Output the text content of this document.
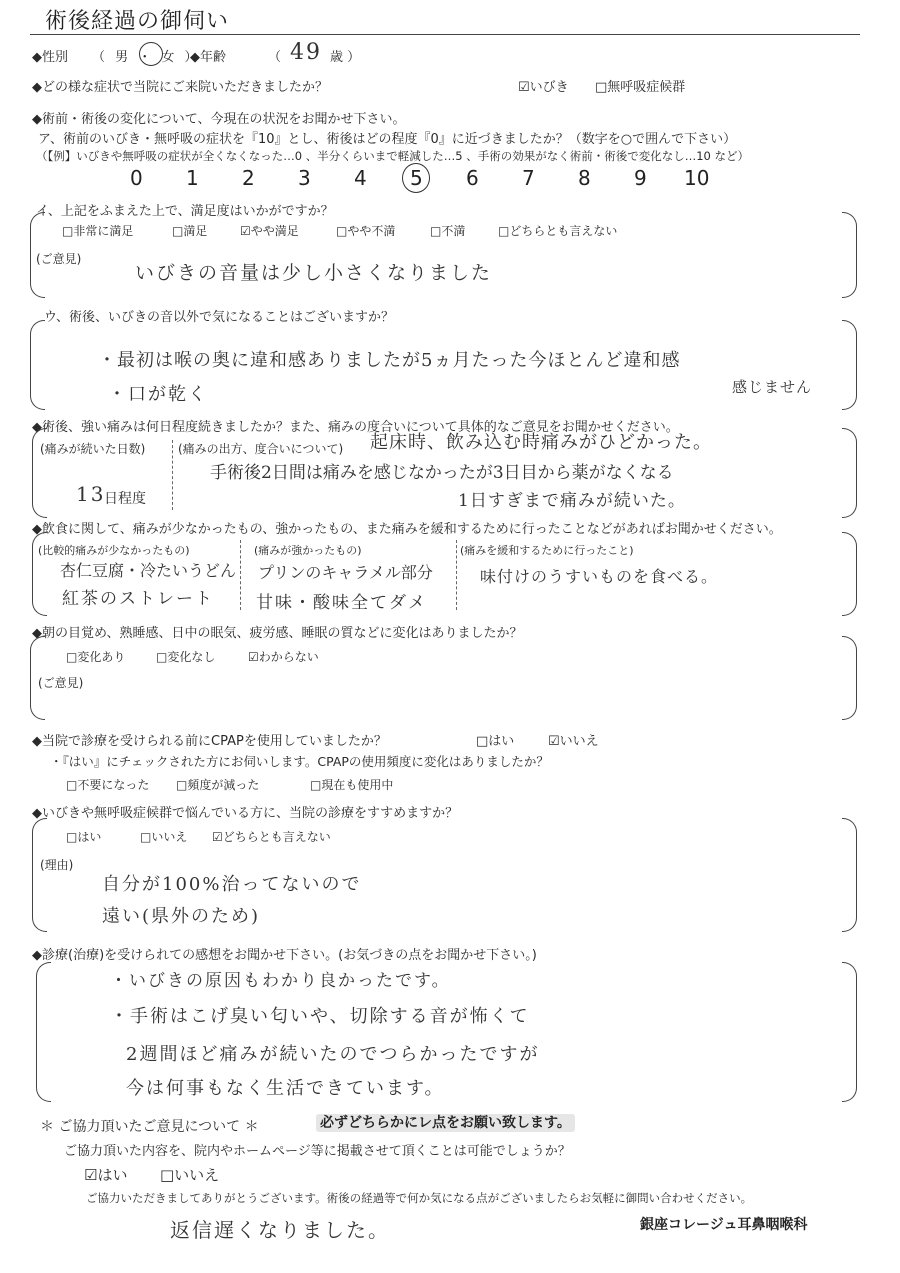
術後経過の御伺い
◆性別 （ 男 ・ 女 ）
◆年齢	（ 49 歳 ）
◆どの様な症状で当院にご来院いただきましたか？	☑いびき □無呼吸症候群
◆術前・術後の変化について、今現在の状況をお聞かせ下さい。
ア、術前のいびき・無呼吸の症状を『10』とし、術後はどの程度『0』に近づきましたか？（数字を○で囲んで下さい）
（【例】いびきや無呼吸の症状が全くなくなった…0 、半分くらいまで軽減した…5 、手術の効果がなく術前・術後で変化なし…10 など）
0 1 2 3 4 5 6 7 8 9 10
イ、上記をふまえた上で、満足度はいかがですか？
□非常に満足	□満足	☑やや満足	□やや不満	□不満	□どちらとも言えない
(ご意見)
いびきの音量は少し小さくなりました
ウ、術後、いびきの音以外で気になることはございますか？
・最初は喉の奥に違和感ありましたが5ヵ月たった今ほとんど違和感
感じません
・口が乾く
◆術後、強い痛みは何日程度続きましたか？また、痛みの度合いについて具体的なご意見をお聞かせください。
(痛みが続いた日数)
13
日程度
(痛みの出方、度合いについて) 起床時、飲み込む時痛みがひどかった。
手術後2日間は痛みを感じなかったが3日目から薬がなくなる
1日すぎまで痛みが続いた。
◆飲食に関して、痛みが少なかったもの、強かったもの、また痛みを緩和するために行ったことなどがあればお聞かせください。
(比較的痛みが少なかったもの)
杏仁豆腐・冷たいうどん
紅茶のストレート
(痛みが強かったもの)
プリンのキャラメル部分
甘味・酸味全てダメ
(痛みを緩和するために行ったこと)
味付けのうすいものを食べる。
◆朝の目覚め、熟睡感、日中の眠気、疲労感、睡眠の質などに変化はありましたか？
□変化あり	□変化なし	☑わからない
(ご意見)
◆当院で診療を受けられる前にCPAPを使用していましたか？	□はい	☑いいえ
・『はい』にチェックされた方にお伺いします。CPAPの使用頻度に変化はありましたか？
□不要になった □頻度が減った	□現在も使用中
◆いびきや無呼吸症候群で悩んでいる方に、当院の診療をすすめますか？
□はい	□いいえ ☑どちらとも言えない
(理由)
自分が100%治ってないので
遠い(県外のため)
◆診療(治療)を受けられての感想をお聞かせ下さい。(お気づきの点をお聞かせ下さい。)
・いびきの原因もわかり良かったです。
・手術はこげ臭い匂いや、切除する音が怖くて
2週間ほど痛みが続いたのでつらかったですが
今は何事もなく生活できています。
＊ ご協力頂いたご意見について ＊	必ずどちらかにレ点をお願い致します。
ご協力頂いた内容を、院内やホームページ等に掲載させて頂くことは可能でしょうか？
☑はい □いいえ
ご協力いただきましてありがとうございます。術後の経過等で何か気になる点がございましたらお気軽に御問い合わせください。
返信遅くなりました。	銀座コレージュ耳鼻咽喉科
